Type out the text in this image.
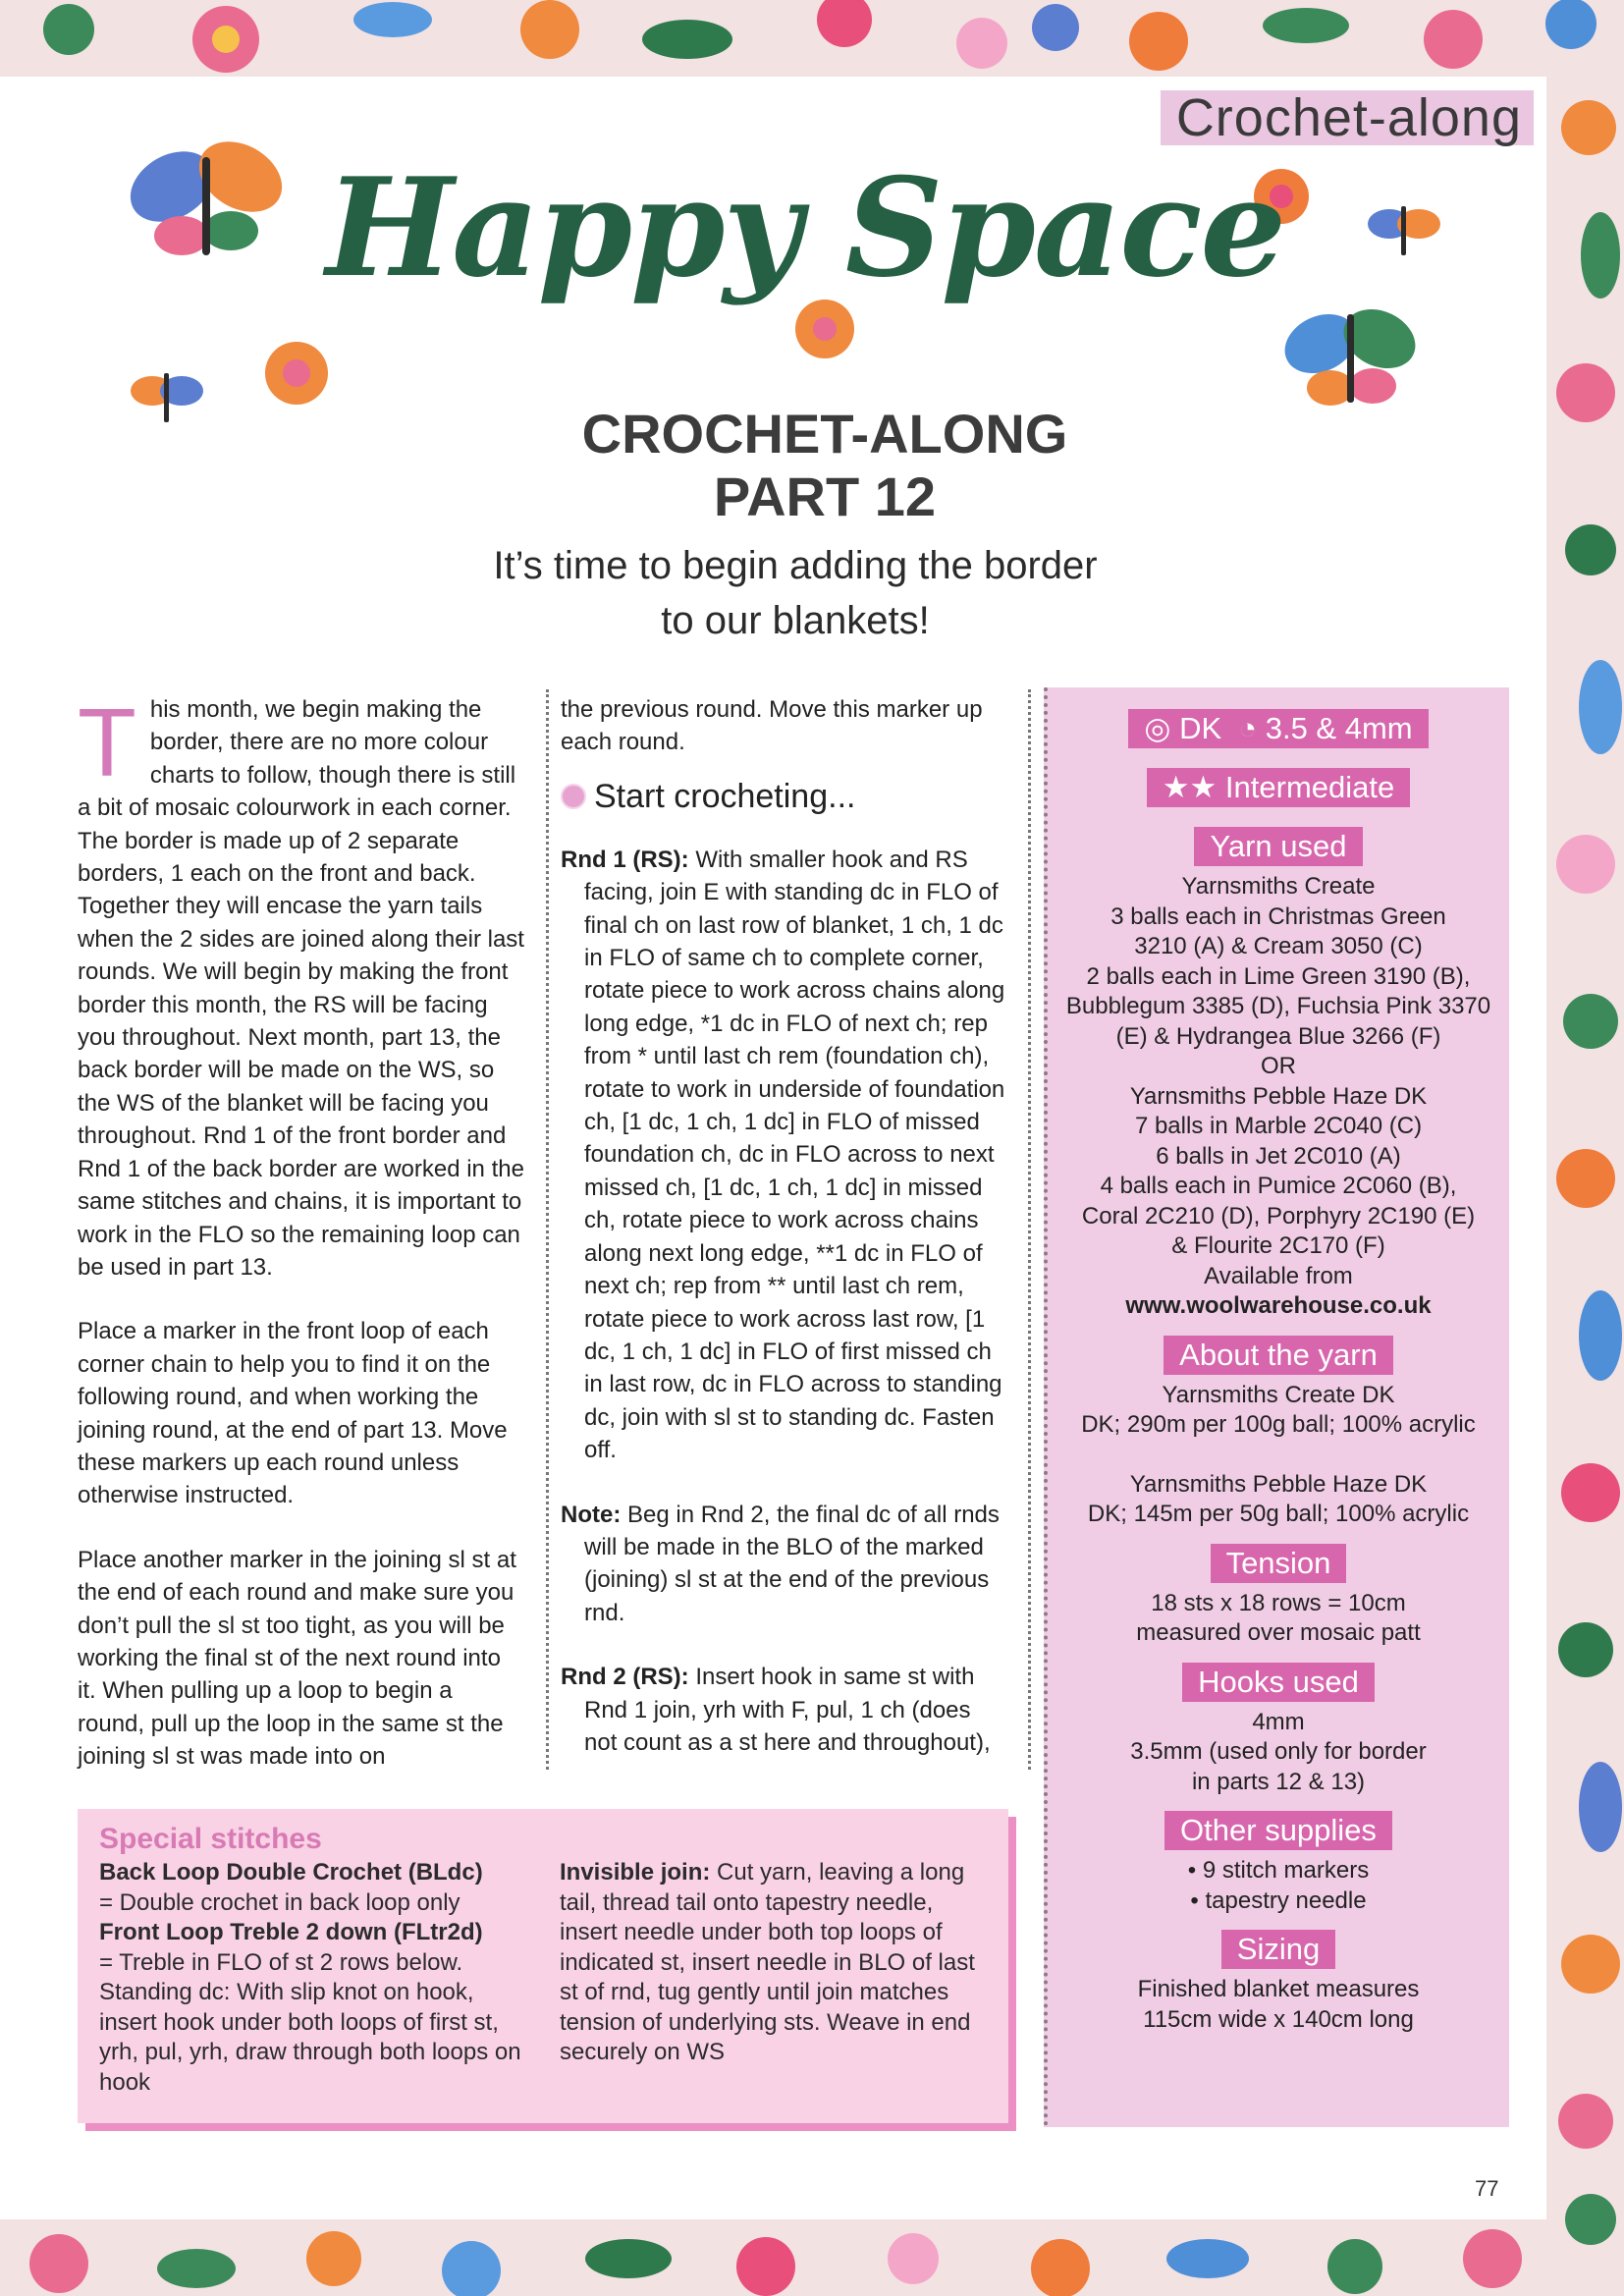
Crochet-along
Happy Space
CROCHET-ALONG
PART 12
It’s time to begin adding the border
to our blankets!

This month, we begin making the border, there are no more colour charts to follow, though there is still a bit of mosaic colourwork in each corner. The border is made up of 2 separate borders, 1 each on the front and back. Together they will encase the yarn tails when the 2 sides are joined along their last rounds. We will begin by making the front border this month, the RS will be facing you throughout. Next month, part 13, the back border will be made on the WS, so the WS of the blanket will be facing you throughout. Rnd 1 of the front border and Rnd 1 of the back border are worked in the same stitches and chains, it is important to work in the FLO so the remaining loop can be used in part 13.

Place a marker in the front loop of each corner chain to help you to find it on the following round, and when working the joining round, at the end of part 13. Move these markers up each round unless otherwise instructed.

Place another marker in the joining sl st at the end of each round and make sure you don’t pull the sl st too tight, as you will be working the final st of the next round into it. When pulling up a loop to begin a round, pull up the loop in the same st the joining sl st was made into on

the previous round. Move this marker up each round.

Start crocheting...

Rnd 1 (RS): With smaller hook and RS facing, join E with standing dc in FLO of final ch on last row of blanket, 1 ch, 1 dc in FLO of same ch to complete corner, rotate piece to work across chains along long edge, *1 dc in FLO of next ch; rep from * until last ch rem (foundation ch), rotate to work in underside of foundation ch, [1 dc, 1 ch, 1 dc] in FLO of missed foundation ch, dc in FLO across to next missed ch, [1 dc, 1 ch, 1 dc] in missed ch, rotate piece to work across chains along next long edge, **1 dc in FLO of next ch; rep from ** until last ch rem, rotate piece to work across last row, [1 dc, 1 ch, 1 dc] in FLO of first missed ch in last row, dc in FLO across to standing dc, join with sl st to standing dc. Fasten off.

Note: Beg in Rnd 2, the final dc of all rnds will be made in the BLO of the marked (joining) sl st at the end of the previous rnd.

Rnd 2 (RS): Insert hook in same st with Rnd 1 join, yrh with F, pul, 1 ch (does not count as a st here and throughout),

Special stitches
Back Loop Double Crochet (BLdc)
= Double crochet in back loop only
Front Loop Treble 2 down (FLtr2d)
= Treble in FLO of st 2 rows below.
Standing dc: With slip knot on hook, insert hook under both loops of first st, yrh, pul, yrh, draw through both loops on hook
Invisible join: Cut yarn, leaving a long tail, thread tail onto tapestry needle, insert needle under both top loops of indicated st, insert needle in BLO of last st of rnd, tug gently until join matches tension of underlying sts. Weave in end securely on WS
◎ DK  ◔ 3.5 & 4mm
★★ Intermediate
Yarn used
Yarnsmiths Create
3 balls each in Christmas Green
3210 (A) & Cream 3050 (C)
2 balls each in Lime Green 3190 (B),
Bubblegum 3385 (D), Fuchsia Pink 3370
(E) & Hydrangea Blue 3266 (F)
OR
Yarnsmiths Pebble Haze DK
7 balls in Marble 2C040 (C)
6 balls in Jet 2C010 (A)
4 balls each in Pumice 2C060 (B),
Coral 2C210 (D), Porphyry 2C190 (E)
& Flourite 2C170 (F)
Available from
www.woolwarehouse.co.uk
About the yarn
Yarnsmiths Create DK
DK; 290m per 100g ball; 100% acrylic
Yarnsmiths Pebble Haze DK
DK; 145m per 50g ball; 100% acrylic
Tension
18 sts x 18 rows = 10cm
measured over mosaic patt
Hooks used
4mm
3.5mm (used only for border
in parts 12 & 13)
Other supplies
• 9 stitch markers
• tapestry needle
Sizing
Finished blanket measures
115cm wide x 140cm long
77
